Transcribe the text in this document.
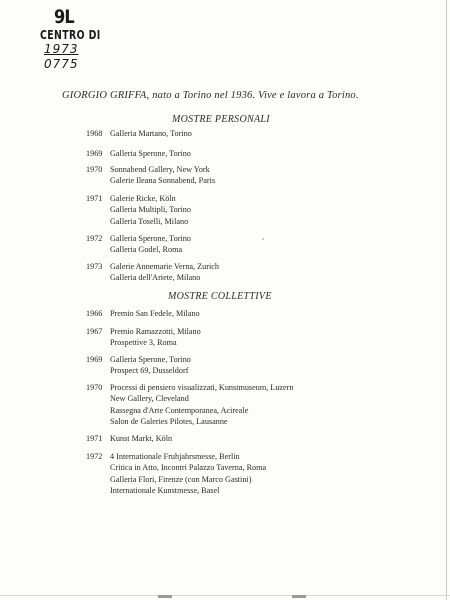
9L
CENTRO DI
1973
0775
GIORGIO GRIFFA, nato a Torino nel 1936. Vive e lavora a Torino.
MOSTRE PERSONALI
1968 Galleria Martano, Torino
1969 Galleria Sperone, Torino
1970 Sonnabend Gallery, New York
Galerie Ileana Sonnabend, Paris
1971 Galerie Ricke, Köln
Galleria Multipli, Torino
Galleria Toselli, Milano
1972 Galleria Sperone, Torino
Galleria Godel, Roma
1973 Galerie Annemarie Verna, Zurich
Galleria dell'Ariete, Milano
MOSTRE COLLETTIVE
1966 Premio San Fedele, Milano
1967 Premio Ramazzotti, Milano
Prospettive 3, Roma
1969 Galleria Sperone, Torino
Prospect 69, Dusseldorf
1970 Processi di pensiero visualizzati, Kunstmuseum, Luzern
New Gallery, Cleveland
Rassegna d'Arte Contemporanea, Acireale
Salon de Galeries Pilotes, Lausanne
1971 Kunst Markt, Köln
1972 4 Internationale Fruhjahrsmesse, Berlin
Critica in Atto, Incontri Palazzo Taverna, Roma
Galleria Flori, Firenze (con Marco Gastini)
Internationale Kunstmesse, Basel
